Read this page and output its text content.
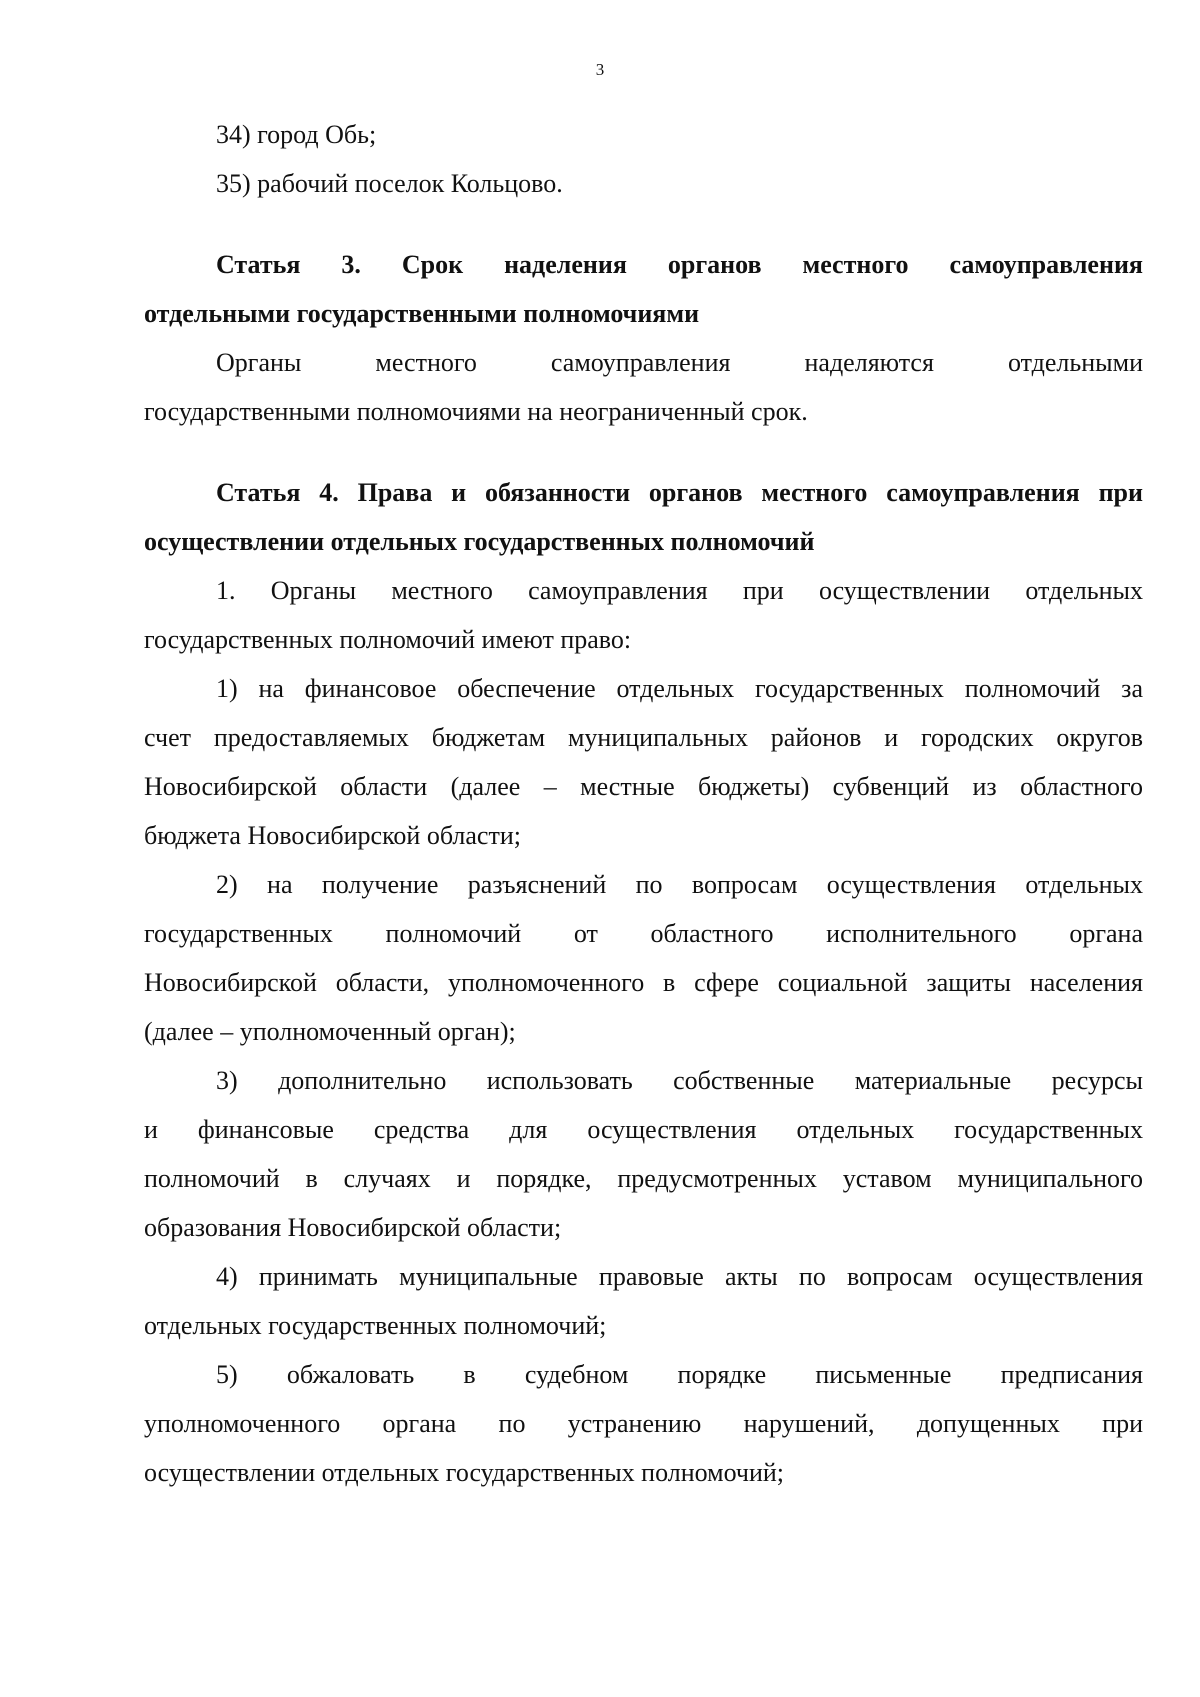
3
34) город Обь;
35) рабочий поселок Кольцово.
Статья 3. Срок наделения органов местного самоуправления
отдельными государственными полномочиями
Органы местного самоуправления наделяются отдельными
государственными полномочиями на неограниченный срок.
Статья 4. Права и обязанности органов местного самоуправления при
осуществлении отдельных государственных полномочий
1. Органы местного самоуправления при осуществлении отдельных
государственных полномочий имеют право:
1) на финансовое обеспечение отдельных государственных полномочий за
счет предоставляемых бюджетам муниципальных районов и городских округов
Новосибирской области (далее – местные бюджеты) субвенций из областного
бюджета Новосибирской области;
2) на получение разъяснений по вопросам осуществления отдельных
государственных полномочий от областного исполнительного органа
Новосибирской области, уполномоченного в сфере социальной защиты населения
(далее – уполномоченный орган);
3) дополнительно использовать собственные материальные ресурсы
и финансовые средства для осуществления отдельных государственных
полномочий в случаях и порядке, предусмотренных уставом муниципального
образования Новосибирской области;
4) принимать муниципальные правовые акты по вопросам осуществления
отдельных государственных полномочий;
5) обжаловать в судебном порядке письменные предписания
уполномоченного органа по устранению нарушений, допущенных при
осуществлении отдельных государственных полномочий;
